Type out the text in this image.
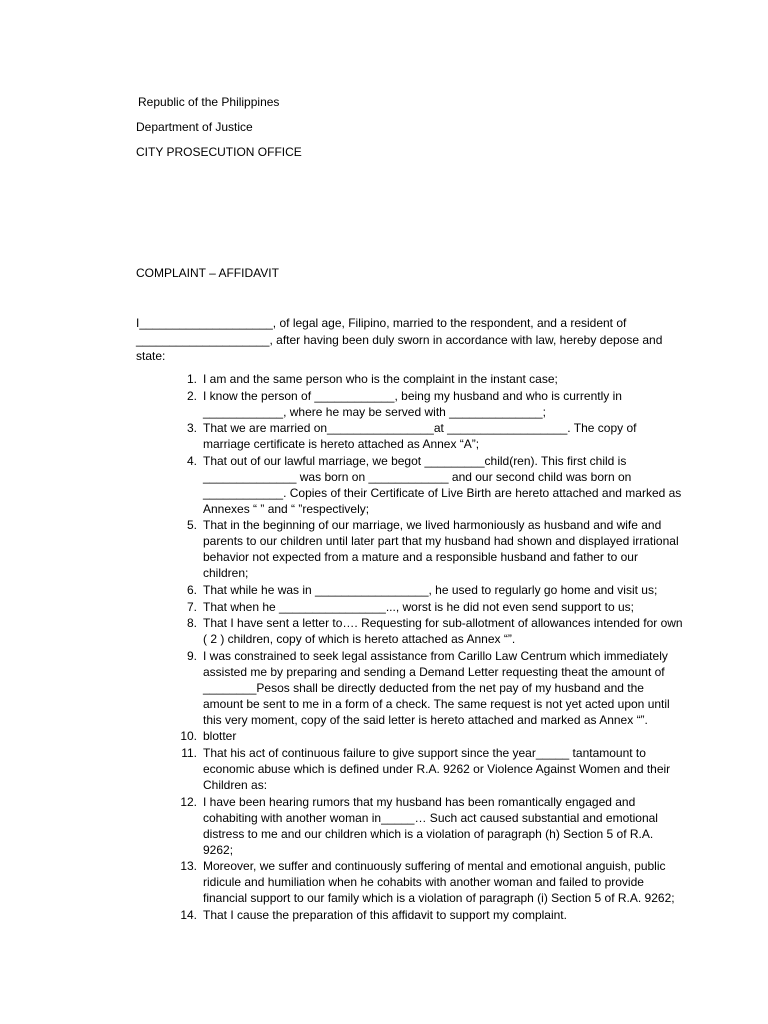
Republic of the Philippines
Department of Justice
CITY PROSECUTION OFFICE
COMPLAINT – AFFIDAVIT

I____________________, of legal age, Filipino, married to the respondent, and a resident of ____________________, after having been duly sworn in accordance with law, hereby depose and state:

1. I am and the same person who is the complaint in the instant case;
2. I know the person of ____________, being my husband and who is currently in ____________, where he may be served with ______________;
3. That we are married on________________at __________________. The copy of marriage certificate is hereto attached as Annex “A”;
4. That out of our lawful marriage, we begot _________child(ren). This first child is ______________ was born on ____________ and our second child was born on ____________. Copies of their Certificate of Live Birth are hereto attached and marked as Annexes “ ” and “ ”respectively;
5. That in the beginning of our marriage, we lived harmoniously as husband and wife and parents to our children until later part that my husband had shown and displayed irrational behavior not expected from a mature and a responsible husband and father to our children;
6. That while he was in _________________, he used to regularly go home and visit us;
7. That when he ________________..., worst is he did not even send support to us;
8. That I have sent a letter to…. Requesting for sub-allotment of allowances intended for own ( 2 ) children, copy of which is hereto attached as Annex “”.
9. I was constrained to seek legal assistance from Carillo Law Centrum which immediately assisted me by preparing and sending a Demand Letter requesting theat the amount of ________Pesos shall be directly deducted from the net pay of my husband and the amount be sent to me in a form of a check. The same request is not yet acted upon until this very moment, copy of the said letter is hereto attached and marked as Annex “”.
10. blotter
11. That his act of continuous failure to give support since the year_____ tantamount to economic abuse which is defined under R.A. 9262 or Violence Against Women and their Children as:
12. I have been hearing rumors that my husband has been romantically engaged and cohabiting with another woman in_____… Such act caused substantial and emotional distress to me and our children which is a violation of paragraph (h) Section 5 of R.A. 9262;
13. Moreover, we suffer and continuously suffering of mental and emotional anguish, public ridicule and humiliation when he cohabits with another woman and failed to provide financial support to our family which is a violation of paragraph (i) Section 5 of R.A. 9262;
14. That I cause the preparation of this affidavit to support my complaint.
